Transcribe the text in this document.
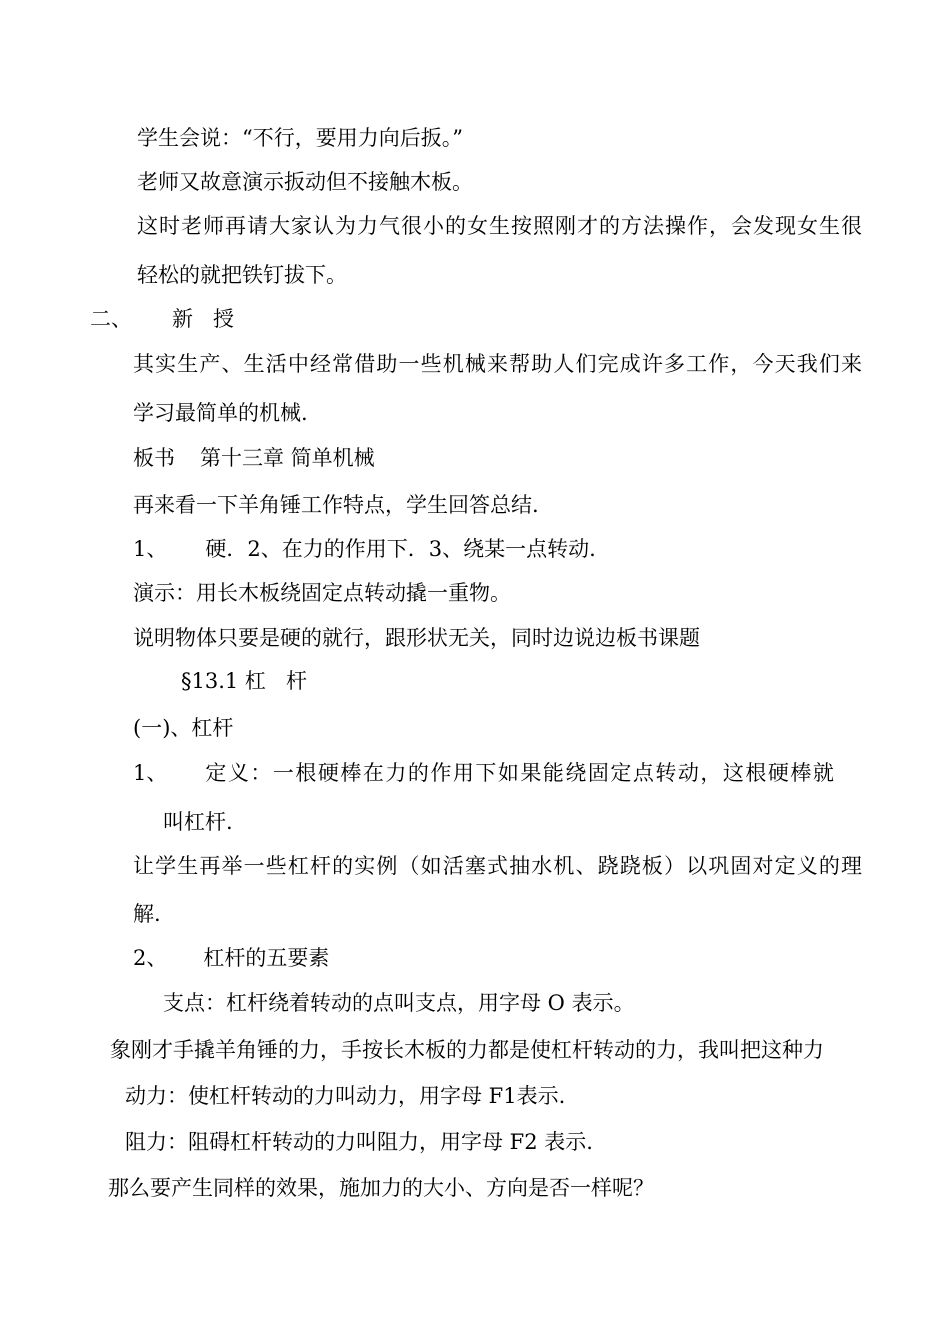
学生会说：“不行，要用力向后扳。”

老师又故意演示扳动但不接触木板。

这时老师再请大家认为力气很小的女生按照刚才的方法操作，会发现女生很

轻松的就把铁钉拔下。

二、 新 授

其实生产、生活中经常借助一些机械来帮助人们完成许多工作，今天我们来

学习最简单的机械.

板书 第十三章 简单机械

再来看一下羊角锤工作特点，学生回答总结.

1、 硬．2、在力的作用下．3、绕某一点转动.

演示：用长木板绕固定点转动撬一重物。

说明物体只要是硬的就行，跟形状无关，同时边说边板书课题

§13.1 杠 杆

(一)、杠杆

1、 定义：一根硬棒在力的作用下如果能绕固定点转动，这根硬棒就

叫杠杆.

让学生再举一些杠杆的实例（如活塞式抽水机、跷跷板）以巩固对定义的理

解.

2、 杠杆的五要素

支点：杠杆绕着转动的点叫支点，用字母 O 表示。

象刚才手撬羊角锤的力，手按长木板的力都是使杠杆转动的力，我叫把这种力

动力：使杠杆转动的力叫动力，用字母 F1表示.

阻力：阻碍杠杆转动的力叫阻力，用字母 F2 表示.

那么要产生同样的效果，施加力的大小、方向是否一样呢？
